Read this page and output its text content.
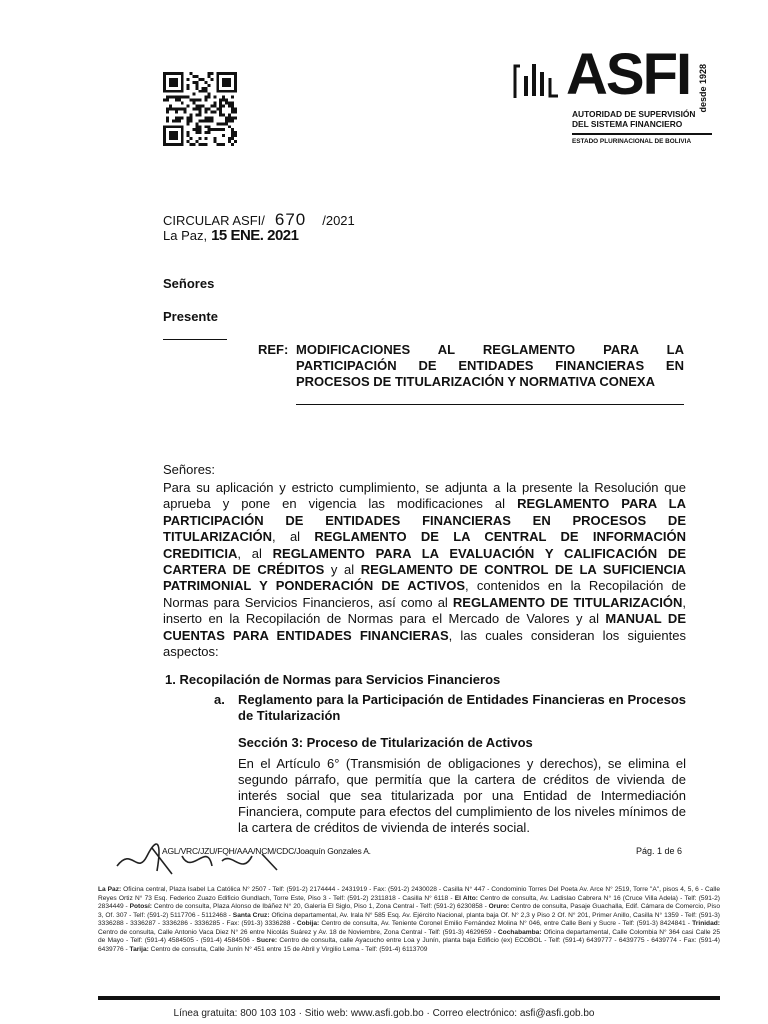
ASFI desde 1928
AUTORIDAD DE SUPERVISIÓN
DEL SISTEMA FINANCIERO
ESTADO PLURINACIONAL DE BOLIVIA
CIRCULAR ASFI/ 670 /2021
La Paz, 15 ENE. 2021
Señores
Presente
REF: MODIFICACIONES AL REGLAMENTO PARA LA
PARTICIPACIÓN DE ENTIDADES FINANCIERAS EN
PROCESOS DE TITULARIZACIÓN Y NORMATIVA CONEXA
Señores:
Para su aplicación y estricto cumplimiento, se adjunta a la presente la Resolución que aprueba y pone en vigencia las modificaciones al REGLAMENTO PARA LA PARTICIPACIÓN DE ENTIDADES FINANCIERAS EN PROCESOS DE TITULARIZACIÓN, al REGLAMENTO DE LA CENTRAL DE INFORMACIÓN CREDITICIA, al REGLAMENTO PARA LA EVALUACIÓN Y CALIFICACIÓN DE CARTERA DE CRÉDITOS y al REGLAMENTO DE CONTROL DE LA SUFICIENCIA PATRIMONIAL Y PONDERACIÓN DE ACTIVOS, contenidos en la Recopilación de Normas para Servicios Financieros, así como al REGLAMENTO DE TITULARIZACIÓN, inserto en la Recopilación de Normas para el Mercado de Valores y al MANUAL DE CUENTAS PARA ENTIDADES FINANCIERAS, las cuales consideran los siguientes aspectos:
1. Recopilación de Normas para Servicios Financieros
a. Reglamento para la Participación de Entidades Financieras en Procesos de Titularización
Sección 3: Proceso de Titularización de Activos
En el Artículo 6° (Transmisión de obligaciones y derechos), se elimina el segundo párrafo, que permitía que la cartera de créditos de vivienda de interés social que sea titularizada por una Entidad de Intermediación Financiera, compute para efectos del cumplimiento de los niveles mínimos de la cartera de créditos de vivienda de interés social.
AGL/VRC/JZU/FQH/AAA/NCM/CDC/Joaquín Gonzales A.	Pág. 1 de 6
La Paz: Oficina central, Plaza Isabel La Católica N° 2507 - Telf: (591-2) 2174444 - 2431919 - Fax: (591-2) 2430028 - Casilla N° 447 - Condominio Torres Del Poeta Av. Arce N° 2519, Torre "A", pisos 4, 5, 6 - Calle Reyes Ortiz N° 73 Esq. Federico Zuazo Edificio Gundlach, Torre Este, Piso 3 - Telf: (591-2) 2311818 - Casilla N° 6118 - El Alto: Centro de consulta, Av. Ladislao Cabrera N° 16 (Cruce Villa Adela) - Telf: (591-2) 2834449 - Potosí: Centro de consulta, Plaza Alonso de Ibáñez N° 20, Galería El Siglo, Piso 1, Zona Central - Telf: (591-2) 6230858 - Oruro: Centro de consulta, Pasaje Guachalla, Edif. Cámara de Comercio, Piso 3, Of. 307 - Telf: (591-2) 5117706 - 5112468 - Santa Cruz: Oficina departamental, Av. Irala N° 585 Esq. Av. Ejército Nacional, planta baja Of. N° 2,3 y Piso 2 Of. N° 201, Primer Anillo, Casilla N° 1359 - Telf: (591-3) 3336288 - 3336287 - 3336286 - 3336285 - Fax: (591-3) 3336288 - Cobija: Centro de consulta, Av. Teniente Coronel Emilio Fernández Molina N° 046, entre Calle Beni y Sucre - Telf: (591-3) 8424841 - Trinidad: Centro de consulta, Calle Antonio Vaca Diez N° 26 entre Nicolás Suárez y Av. 18 de Noviembre, Zona Central - Telf: (591-3) 4629659 - Cochabamba: Oficina departamental, Calle Colombia N° 364 casi Calle 25 de Mayo - Telf: (591-4) 4584505 - (591-4) 4584506 - Sucre: Centro de consulta, calle Ayacucho entre Loa y Junín, planta baja Edificio (ex) ECOBOL - Telf: (591-4) 6439777 - 6439775 - 6439774 - Fax: (591-4) 6439776 - Tarija: Centro de consulta, Calle Junín N° 451 entre 15 de Abril y Virgilio Lema - Telf: (591-4) 6113709
Línea gratuita: 800 103 103 · Sitio web: www.asfi.gob.bo · Correo electrónico: asfi@asfi.gob.bo
